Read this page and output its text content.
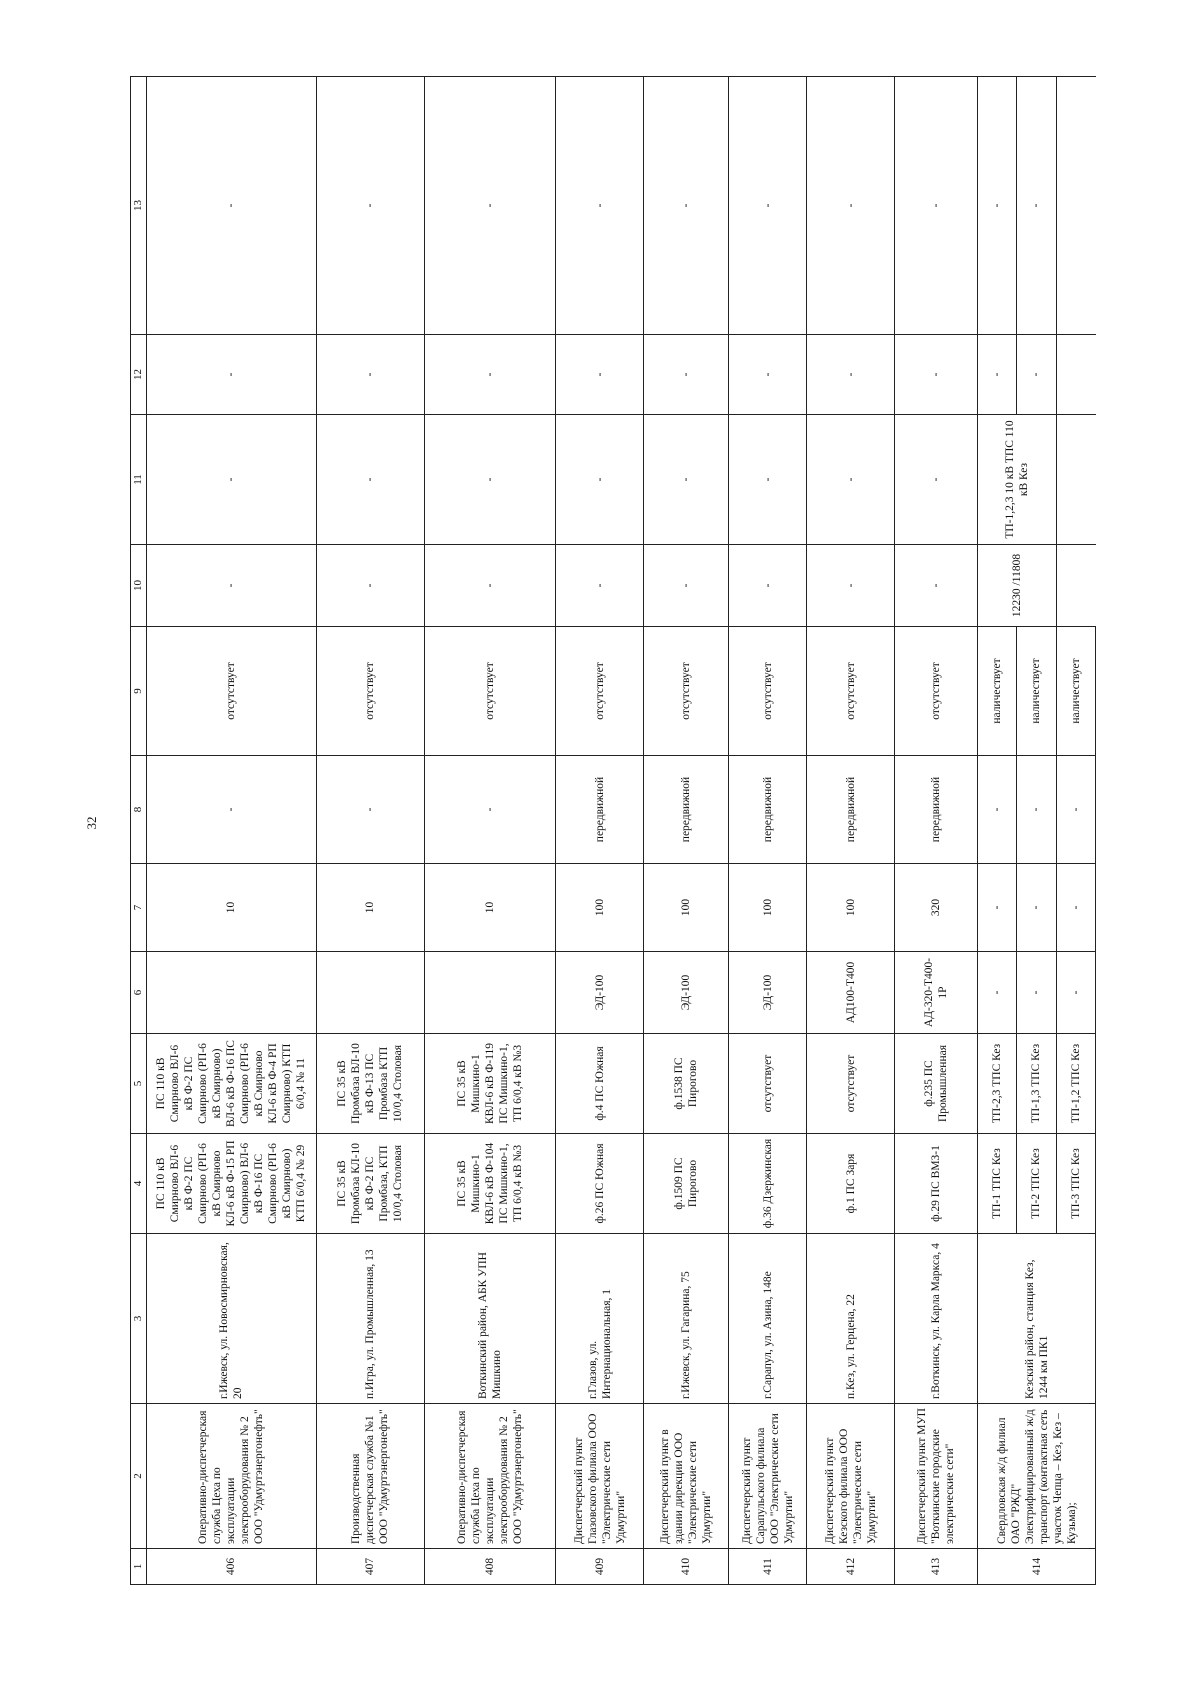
32
1	2	3	4	5	6	7	8	9	10	11	12	13
406	Оперативно-диспетчерская служба Цеха по эксплуатации электрооборудования № 2 ООО "Удмуртэнергонефть"	г.Ижевск, ул. Новосмирновская, 20	ПС 110 кВ Смирново ВЛ-6 кВ Ф-2 ПС Смирново (РП-6 кВ Смирново КЛ-6 кВ Ф-15 РП Смирново) ВЛ-6 кВ Ф-16 ПС Смирново (РП-6 кВ Смирново) КТП 6/0,4 № 29	ПС 110 кВ Смирново ВЛ-6 кВ Ф-2 ПС Смирново (РП-6 кВ Смирново) ВЛ-6 кВ Ф-16 ПС Смирново (РП-6 кВ Смирново КЛ-6 кВ Ф-4 РП Смирново) КТП 6/0,4 № 11		10	-	отсутствует	-	-	-	-
407	Производственная диспетчерская служба №1 ООО "Удмуртэнергонефть"	п.Игра, ул. Промышленная, 13	ПС 35 кВ Промбаза КЛ-10 кВ Ф-2 ПС Промбаза, КТП 10/0,4 Столовая	ПС 35 кВ Промбаза ВЛ-10 кВ Ф-13 ПС Промбаза КТП 10/0,4 Столовая		10	-	отсутствует	-	-	-	-
408	Оперативно-диспетчерская служба Цеха по эксплуатации электрооборудования № 2 ООО "Удмуртэнергонефть"	Воткинский район, АБК УПН Мишкино	ПС 35 кВ Мишкино-1 КВЛ-6 кВ Ф-104 ПС Мишкино-1, ТП 6/0,4 кВ №3	ПС 35 кВ Мишкино-1 КВЛ-6 кВ Ф-119 ПС Мишкино-1, ТП 6/0,4 кВ №3		10	-	отсутствует	-	-	-	-
409	Диспетчерский пункт Глазовского филиала ООО "Электрические сети Удмуртии"	г.Глазов, ул. Интернациональная, 1	ф.26 ПС Южная	ф.4 ПС Южная	ЭД-100	100	передвижной	отсутствует	-	-	-	-
410	Диспетчерский пункт в здании дирекции ООО "Электрические сети Удмуртии"	г.Ижевск, ул. Гагарина, 75	ф.1509 ПС Пирогово	ф.1538 ПС Пирогово	ЭД-100	100	передвижной	отсутствует	-	-	-	-
411	Диспетчерский пункт Сарапульского филиала ООО "Электрические сети Удмуртии"	г.Сарапул, ул. Азина, 148е	ф.36 Дзержинская	отсутствует	ЭД-100	100	передвижной	отсутствует	-	-	-	-
412	Диспетчерский пункт Кезского филиала ООО "Электрические сети Удмуртии"	п.Кез, ул. Герцена, 22	ф.1 ПС Заря	отсутствует	АД100-Т400	100	передвижной	отсутствует	-	-	-	-
413	Диспетчерский пункт МУП "Воткинские городские электрические сети"	г.Воткинск, ул. Карла Маркса, 4	ф.29 ПС ВМЗ-1	ф.235 ПС Промышленная	АД-320-Т400-1Р	320	передвижной	отсутствует	-	-	-	-
414	Свердловская ж/д филиал ОАО "РЖД" Электрифицированный ж/д транспорт (контактная сеть участок Чепца – Кез, Кез – Кузьма);	Кезский район, станция Кез, 1244 км ПК1	ТП-1 ТПС Кез	ТП-2,3 ТПС Кез	-	-	-	наличествует	12230 /11808	ТП-1,2,3 10 кВ ТПС 110 кВ Кез	-	-
			ТП-2 ТПС Кез	ТП-1,3 ТПС Кез	-	-	-	наличествует			-	-
			ТП-3 ТПС Кез	ТП-1,2 ТПС Кез	-	-	-	наличествует				
